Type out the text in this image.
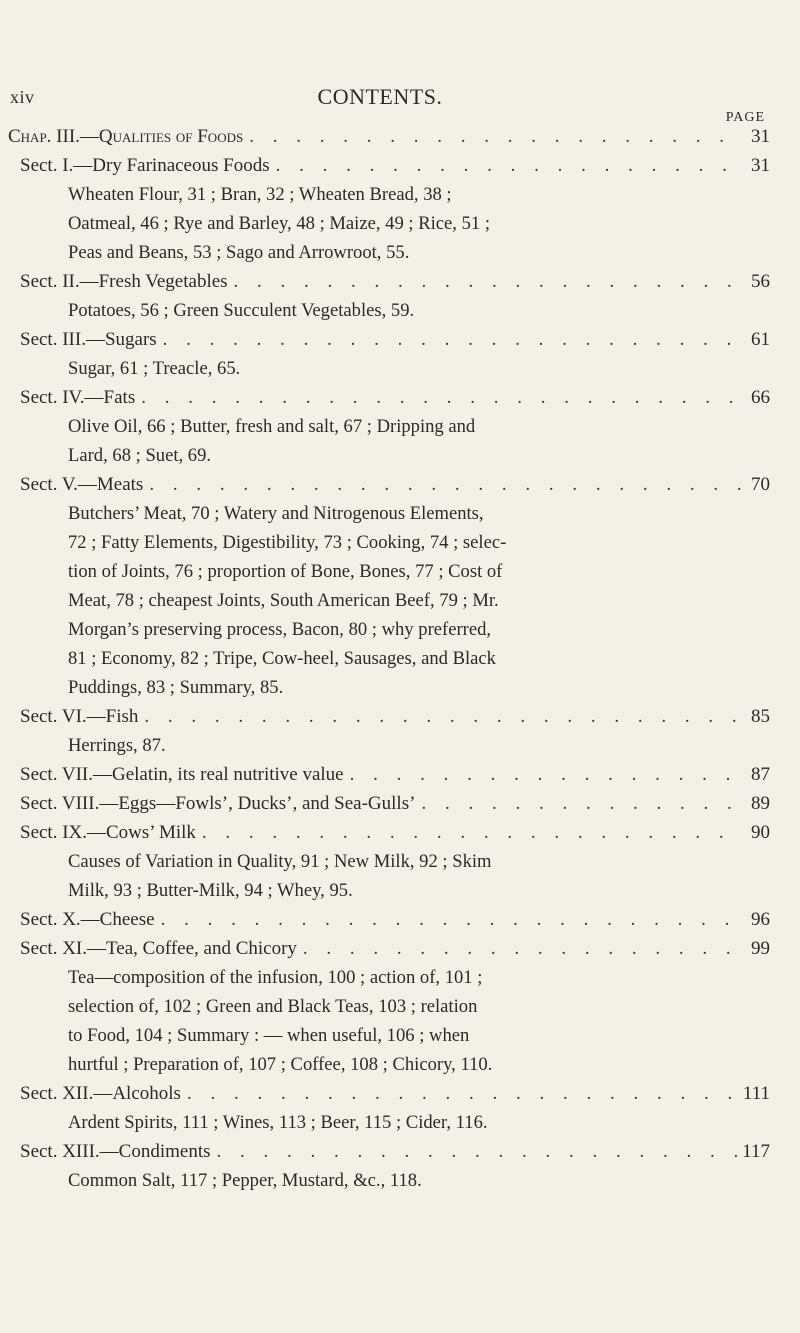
xiv	CONTENTS.
PAGE
Chap. III.—Qualities of Foods . . .	31
Sect. I.—Dry Farinaceous Foods . . .	31
Wheaten Flour, 31 ; Bran, 32 ; Wheaten Bread, 38 ;
Oatmeal, 46 ; Rye and Barley, 48 ; Maize, 49 ; Rice, 51 ;
Peas and Beans, 53 ; Sago and Arrowroot, 55.
Sect. II.—Fresh Vegetables . . .	56
Potatoes, 56 ; Green Succulent Vegetables, 59.
Sect. III.—Sugars . . .	61
Sugar, 61 ; Treacle, 65.
Sect. IV.—Fats . . .	66
Olive Oil, 66 ; Butter, fresh and salt, 67 ; Dripping and
Lard, 68 ; Suet, 69.
Sect. V.—Meats . . .	70
Butchers’ Meat, 70 ; Watery and Nitrogenous Elements,
72 ; Fatty Elements, Digestibility, 73 ; Cooking, 74 ; selec-
tion of Joints, 76 ; proportion of Bone, Bones, 77 ; Cost of
Meat, 78 ; cheapest Joints, South American Beef, 79 ; Mr.
Morgan’s preserving process, Bacon, 80 ; why preferred,
81 ; Economy, 82 ; Tripe, Cow-heel, Sausages, and Black
Puddings, 83 ; Summary, 85.
Sect. VI.—Fish . . .	85
Herrings, 87.
Sect. VII.—Gelatin, its real nutritive value . . .	87
Sect. VIII.—Eggs—Fowls’, Ducks’, and Sea-Gulls’ . . .	89
Sect. IX.—Cows’ Milk . . .	90
Causes of Variation in Quality, 91 ; New Milk, 92 ; Skim
Milk, 93 ; Butter-Milk, 94 ; Whey, 95.
Sect. X.—Cheese . . .	96
Sect. XI.—Tea, Coffee, and Chicory . . .	99
Tea—composition of the infusion, 100 ; action of, 101 ;
selection of, 102 ; Green and Black Teas, 103 ; relation
to Food, 104 ; Summary : — when useful, 106 ; when
hurtful ; Preparation of, 107 ; Coffee, 108 ; Chicory, 110.
Sect. XII.—Alcohols . . .	111
Ardent Spirits, 111 ; Wines, 113 ; Beer, 115 ; Cider, 116.
Sect. XIII.—Condiments . . .	117
Common Salt, 117 ; Pepper, Mustard, &c., 118.
